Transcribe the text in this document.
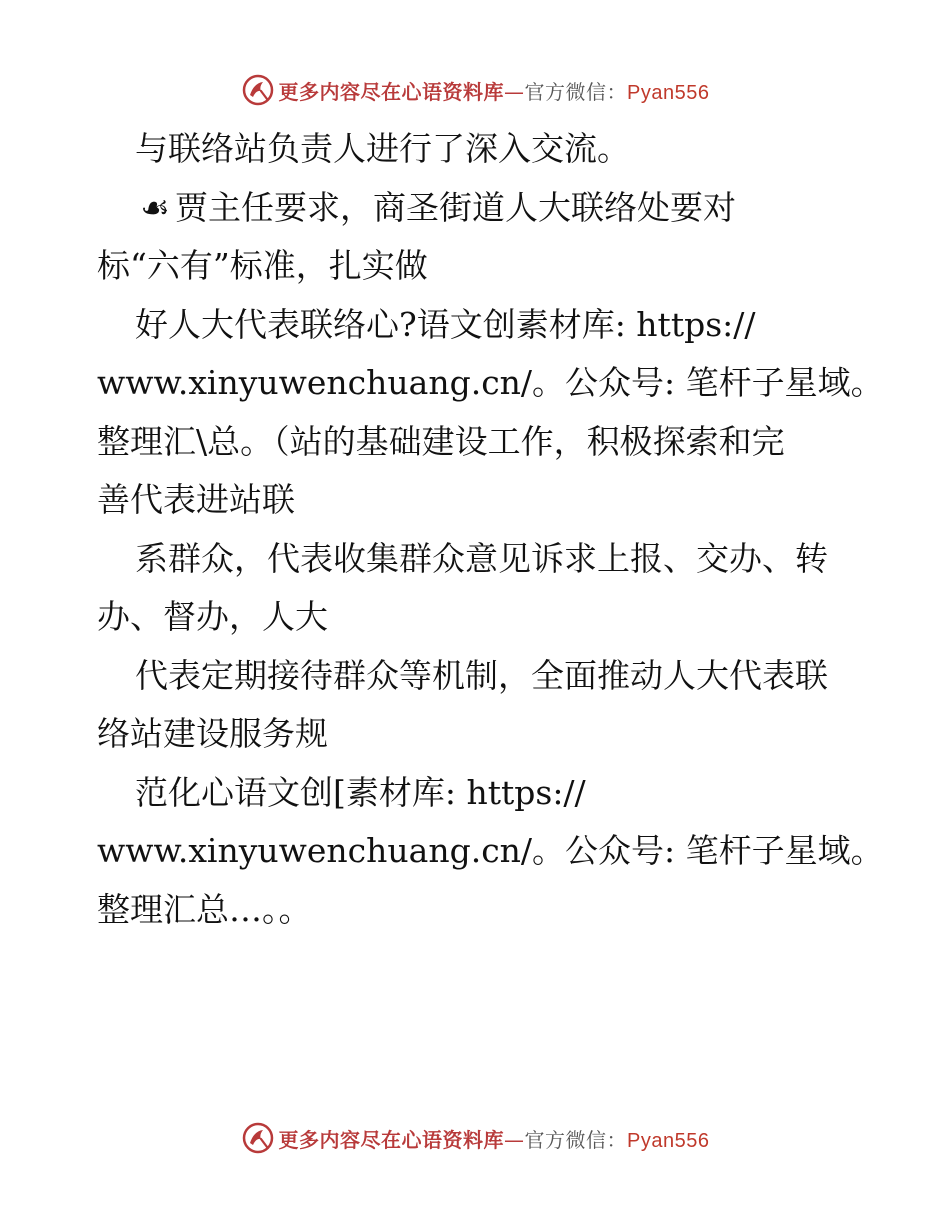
更多内容尽在心语资料库—官方微信：Pyan556
与联络站负责人进行了深入交流。
☙ 贾主任要求，商圣街道人大联络处要对
标“六有”标准，扎实做
好人大代表联络心?语文创素材库: https://
www.xinyuwenchuang.cn/。公众号: 笔杆子星域。
整理汇\总。（站的基础建设工作，积极探索和完
善代表进站联
系群众，代表收集群众意见诉求上报、交办、转
办、督办，人大
代表定期接待群众等机制，全面推动人大代表联
络站建设服务规
范化心语文创[素材库: https://
www.xinyuwenchuang.cn/。公众号: 笔杆子星域。
整理汇总…。。
更多内容尽在心语资料库—官方微信：Pyan556
